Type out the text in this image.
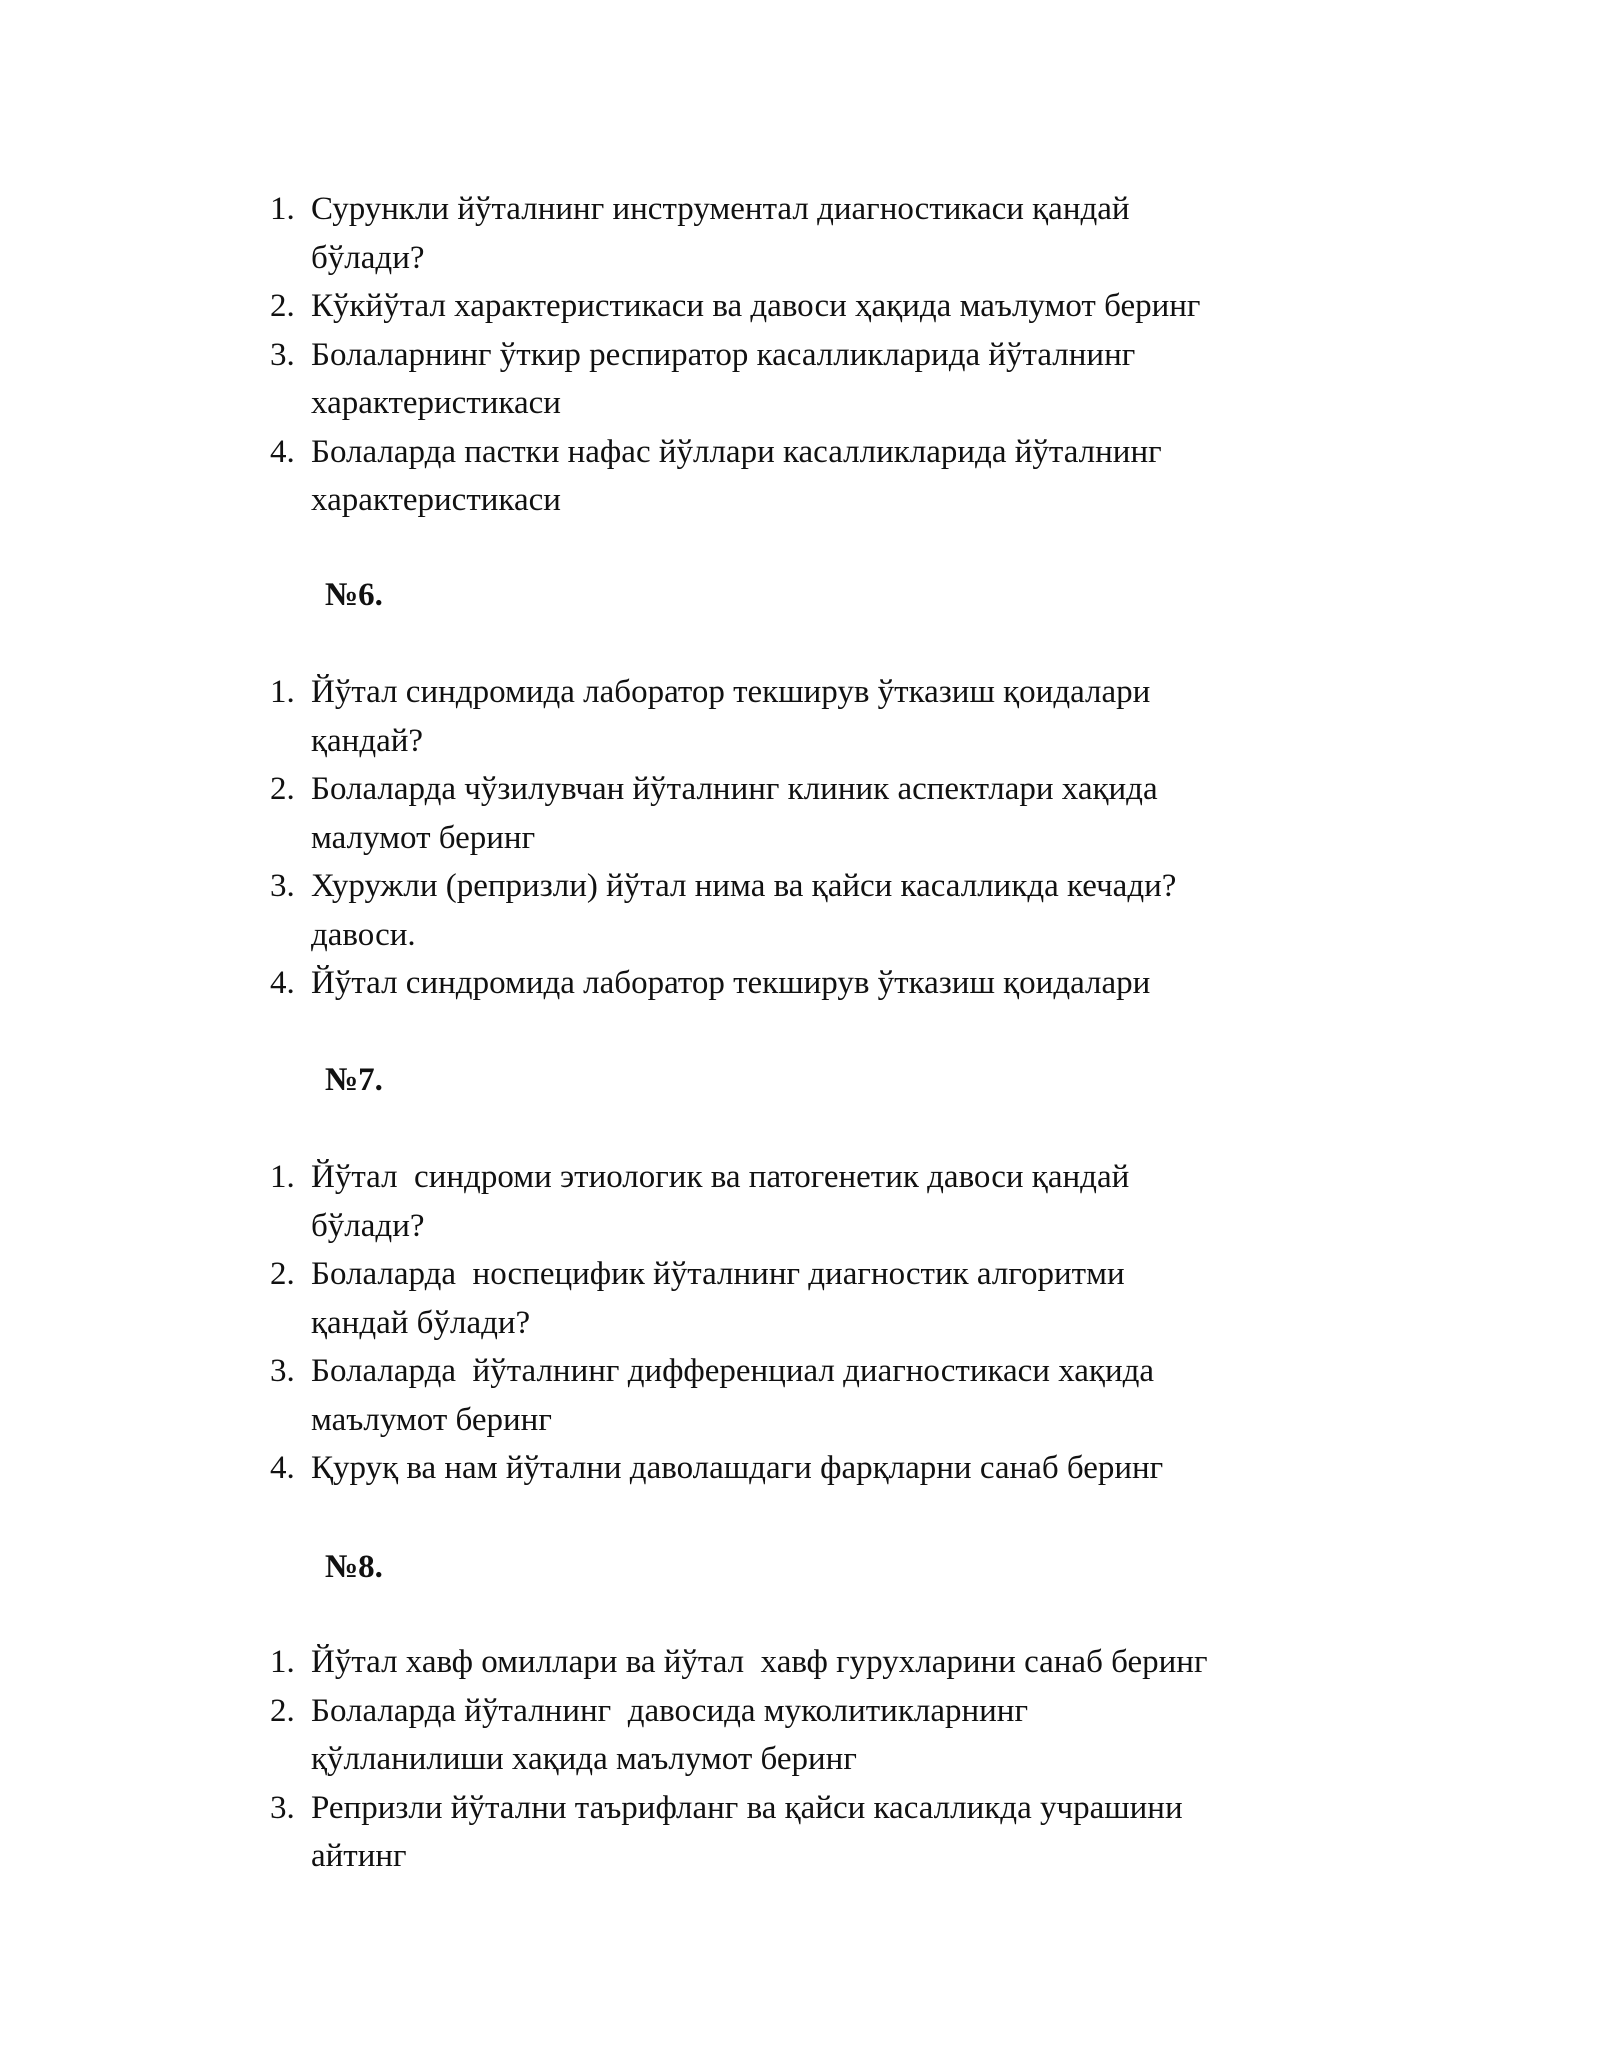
1. Сурункли йўталнинг инструментал диагностикаси қандай
бўлади?
2. Кўкйўтал характеристикаси ва давоси ҳақида маълумот беринг
3. Болаларнинг ўткир респиратор касалликларида йўталнинг
характеристикаси
4. Болаларда пастки нафас йўллари касалликларида йўталнинг
характеристикаси
№6.
1. Йўтал синдромида лаборатор текширув ўтказиш қоидалари
қандай?
2. Болаларда чўзилувчан йўталнинг клиник аспектлари хақида
малумот беринг
3. Хуружли (репризли) йўтал нима ва қайси касалликда кечади?
давоси.
4. Йўтал синдромида лаборатор текширув ўтказиш қоидалари
№7.
1. Йўтал  синдроми этиологик ва патогенетик давоси қандай
бўлади?
2. Болаларда  носпецифик йўталнинг диагностик алгоритми
қандай бўлади?
3. Болаларда  йўталнинг дифференциал диагностикаси хақида
маълумот беринг
4. Қуруқ ва нам йўтални даволашдаги фарқларни санаб беринг
№8.
1. Йўтал хавф омиллари ва йўтал  хавф гурухларини санаб беринг
2. Болаларда йўталнинг  давосида муколитикларнинг
қўлланилиши хақида маълумот беринг
3. Репризли йўтални таърифланг ва қайси касалликда учрашини
айтинг
